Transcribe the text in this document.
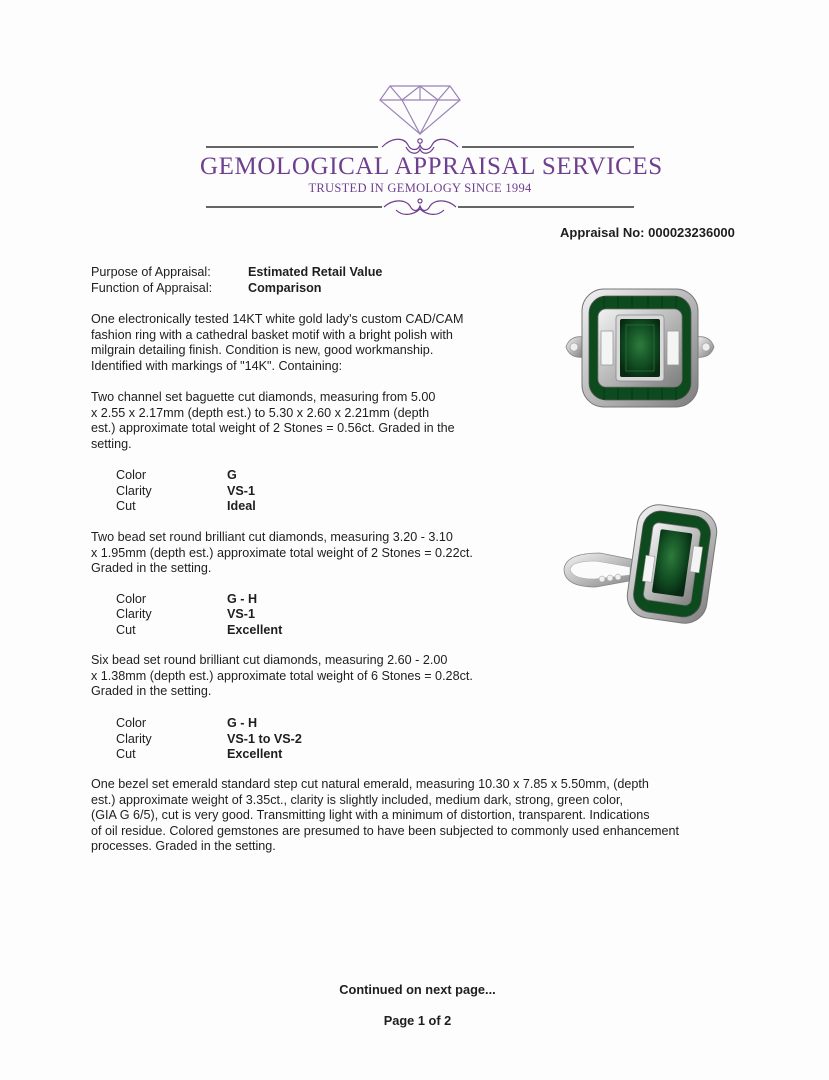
GEMOLOGICAL APPRAISAL SERVICES
TRUSTED IN GEMOLOGY SINCE 1994
Appraisal No: 000023236000
Purpose of Appraisal:	Estimated Retail Value
Function of Appraisal:	Comparison
One electronically tested 14KT white gold lady's custom CAD/CAM
fashion ring with a cathedral basket motif with a bright polish with
milgrain detailing finish. Condition is new, good workmanship.
Identified with markings of "14K". Containing:
Two channel set baguette cut diamonds, measuring from 5.00
x 2.55 x 2.17mm (depth est.) to 5.30 x 2.60 x 2.21mm (depth
est.) approximate total weight of 2 Stones = 0.56ct. Graded in the
setting.
Color	G
Clarity	VS-1
Cut	Ideal
Two bead set round brilliant cut diamonds, measuring 3.20 - 3.10
x 1.95mm (depth est.) approximate total weight of 2 Stones = 0.22ct.
Graded in the setting.
Color	G - H
Clarity	VS-1
Cut	Excellent
Six bead set round brilliant cut diamonds, measuring 2.60 - 2.00
x 1.38mm (depth est.) approximate total weight of 6 Stones = 0.28ct.
Graded in the setting.
Color	G - H
Clarity	VS-1 to VS-2
Cut	Excellent
One bezel set emerald standard step cut natural emerald, measuring 10.30 x 7.85 x 5.50mm, (depth
est.) approximate weight of 3.35ct., clarity is slightly included, medium dark, strong, green color,
(GIA G 6/5), cut is very good. Transmitting light with a minimum of distortion, transparent. Indications
of oil residue. Colored gemstones are presumed to have been subjected to commonly used enhancement
processes. Graded in the setting.
Continued on next page...
Page 1 of 2
